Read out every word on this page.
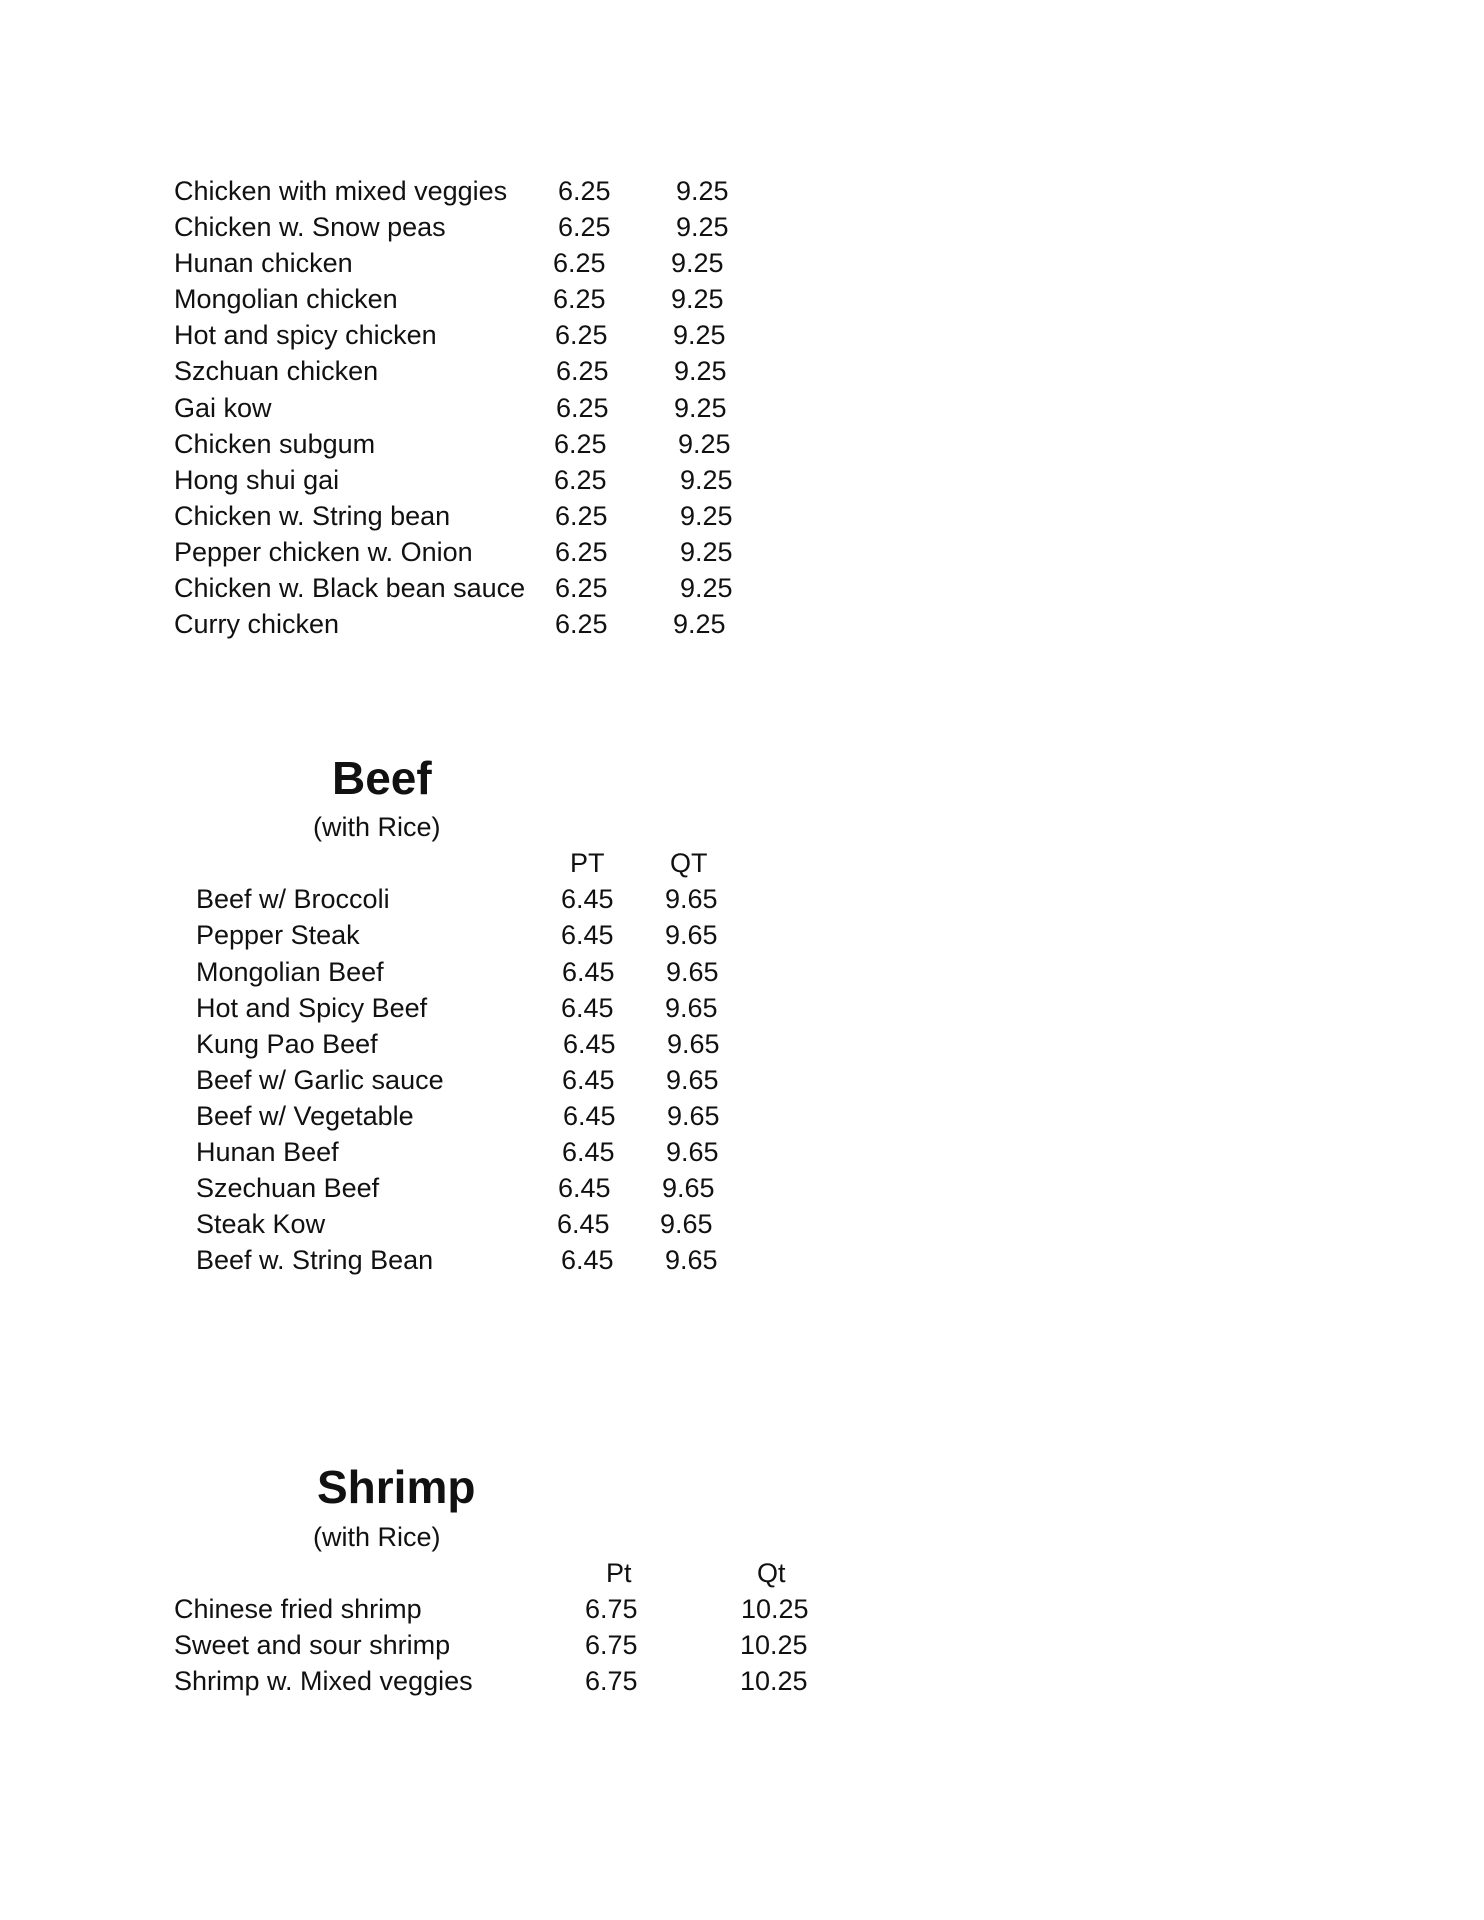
Chicken with mixed veggies 6.25 9.25
Chicken w. Snow peas	6.25 9.25
Hunan chicken	6.25 9.25
Mongolian chicken	6.25 9.25
Hot and spicy chicken	6.25 9.25
Szchuan chicken	6.25 9.25
Gai kow	6.25 9.25
Chicken subgum	6.25	9.25
Hong shui gai	6.25	9.25
Chicken w. String bean	6.25	9.25
Pepper chicken w. Onion	6.25	9.25
Chicken w. Black bean sauce 6.25	9.25
Curry chicken	6.25 9.25
Beef
(with Rice)
PT QT
Beef w/ Broccoli	6.45 9.65
Pepper Steak	6.45 9.65
Mongolian Beef	6.45 9.65
Hot and Spicy Beef	6.45 9.65
Kung Pao Beef	6.45 9.65
Beef w/ Garlic sauce	6.45 9.65
Beef w/ Vegetable	6.45 9.65
Hunan Beef	6.45 9.65
Szechuan Beef	6.45 9.65
Steak Kow	6.45 9.65
Beef w. String Bean	6.45 9.65
Shrimp
(with Rice)
Pt	Qt
Chinese fried shrimp	6.75	10.25
Sweet and sour shrimp	6.75	10.25
Shrimp w. Mixed veggies	6.75	10.25
